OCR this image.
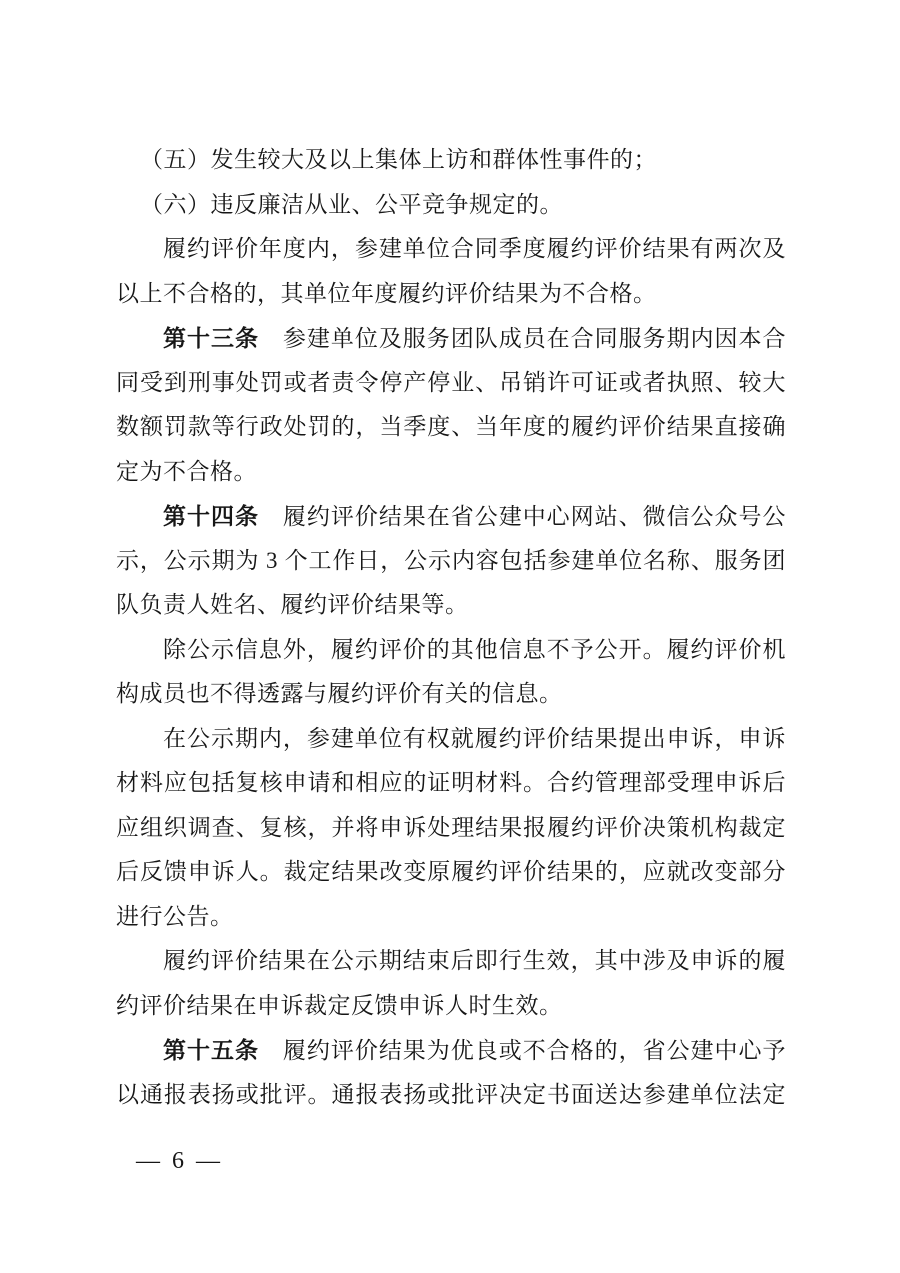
（五）发生较大及以上集体上访和群体性事件的；
（六）违反廉洁从业、公平竞争规定的。
履约评价年度内，参建单位合同季度履约评价结果有两次及
以上不合格的，其单位年度履约评价结果为不合格。
第十三条　参建单位及服务团队成员在合同服务期内因本合
同受到刑事处罚或者责令停产停业、吊销许可证或者执照、较大
数额罚款等行政处罚的，当季度、当年度的履约评价结果直接确
定为不合格。
第十四条　履约评价结果在省公建中心网站、微信公众号公
示，公示期为 3 个工作日，公示内容包括参建单位名称、服务团
队负责人姓名、履约评价结果等。
除公示信息外，履约评价的其他信息不予公开。履约评价机
构成员也不得透露与履约评价有关的信息。
在公示期内，参建单位有权就履约评价结果提出申诉，申诉
材料应包括复核申请和相应的证明材料。合约管理部受理申诉后
应组织调查、复核，并将申诉处理结果报履约评价决策机构裁定
后反馈申诉人。裁定结果改变原履约评价结果的，应就改变部分
进行公告。
履约评价结果在公示期结束后即行生效，其中涉及申诉的履
约评价结果在申诉裁定反馈申诉人时生效。
第十五条　履约评价结果为优良或不合格的，省公建中心予
以通报表扬或批评。通报表扬或批评决定书面送达参建单位法定
— 6 —
